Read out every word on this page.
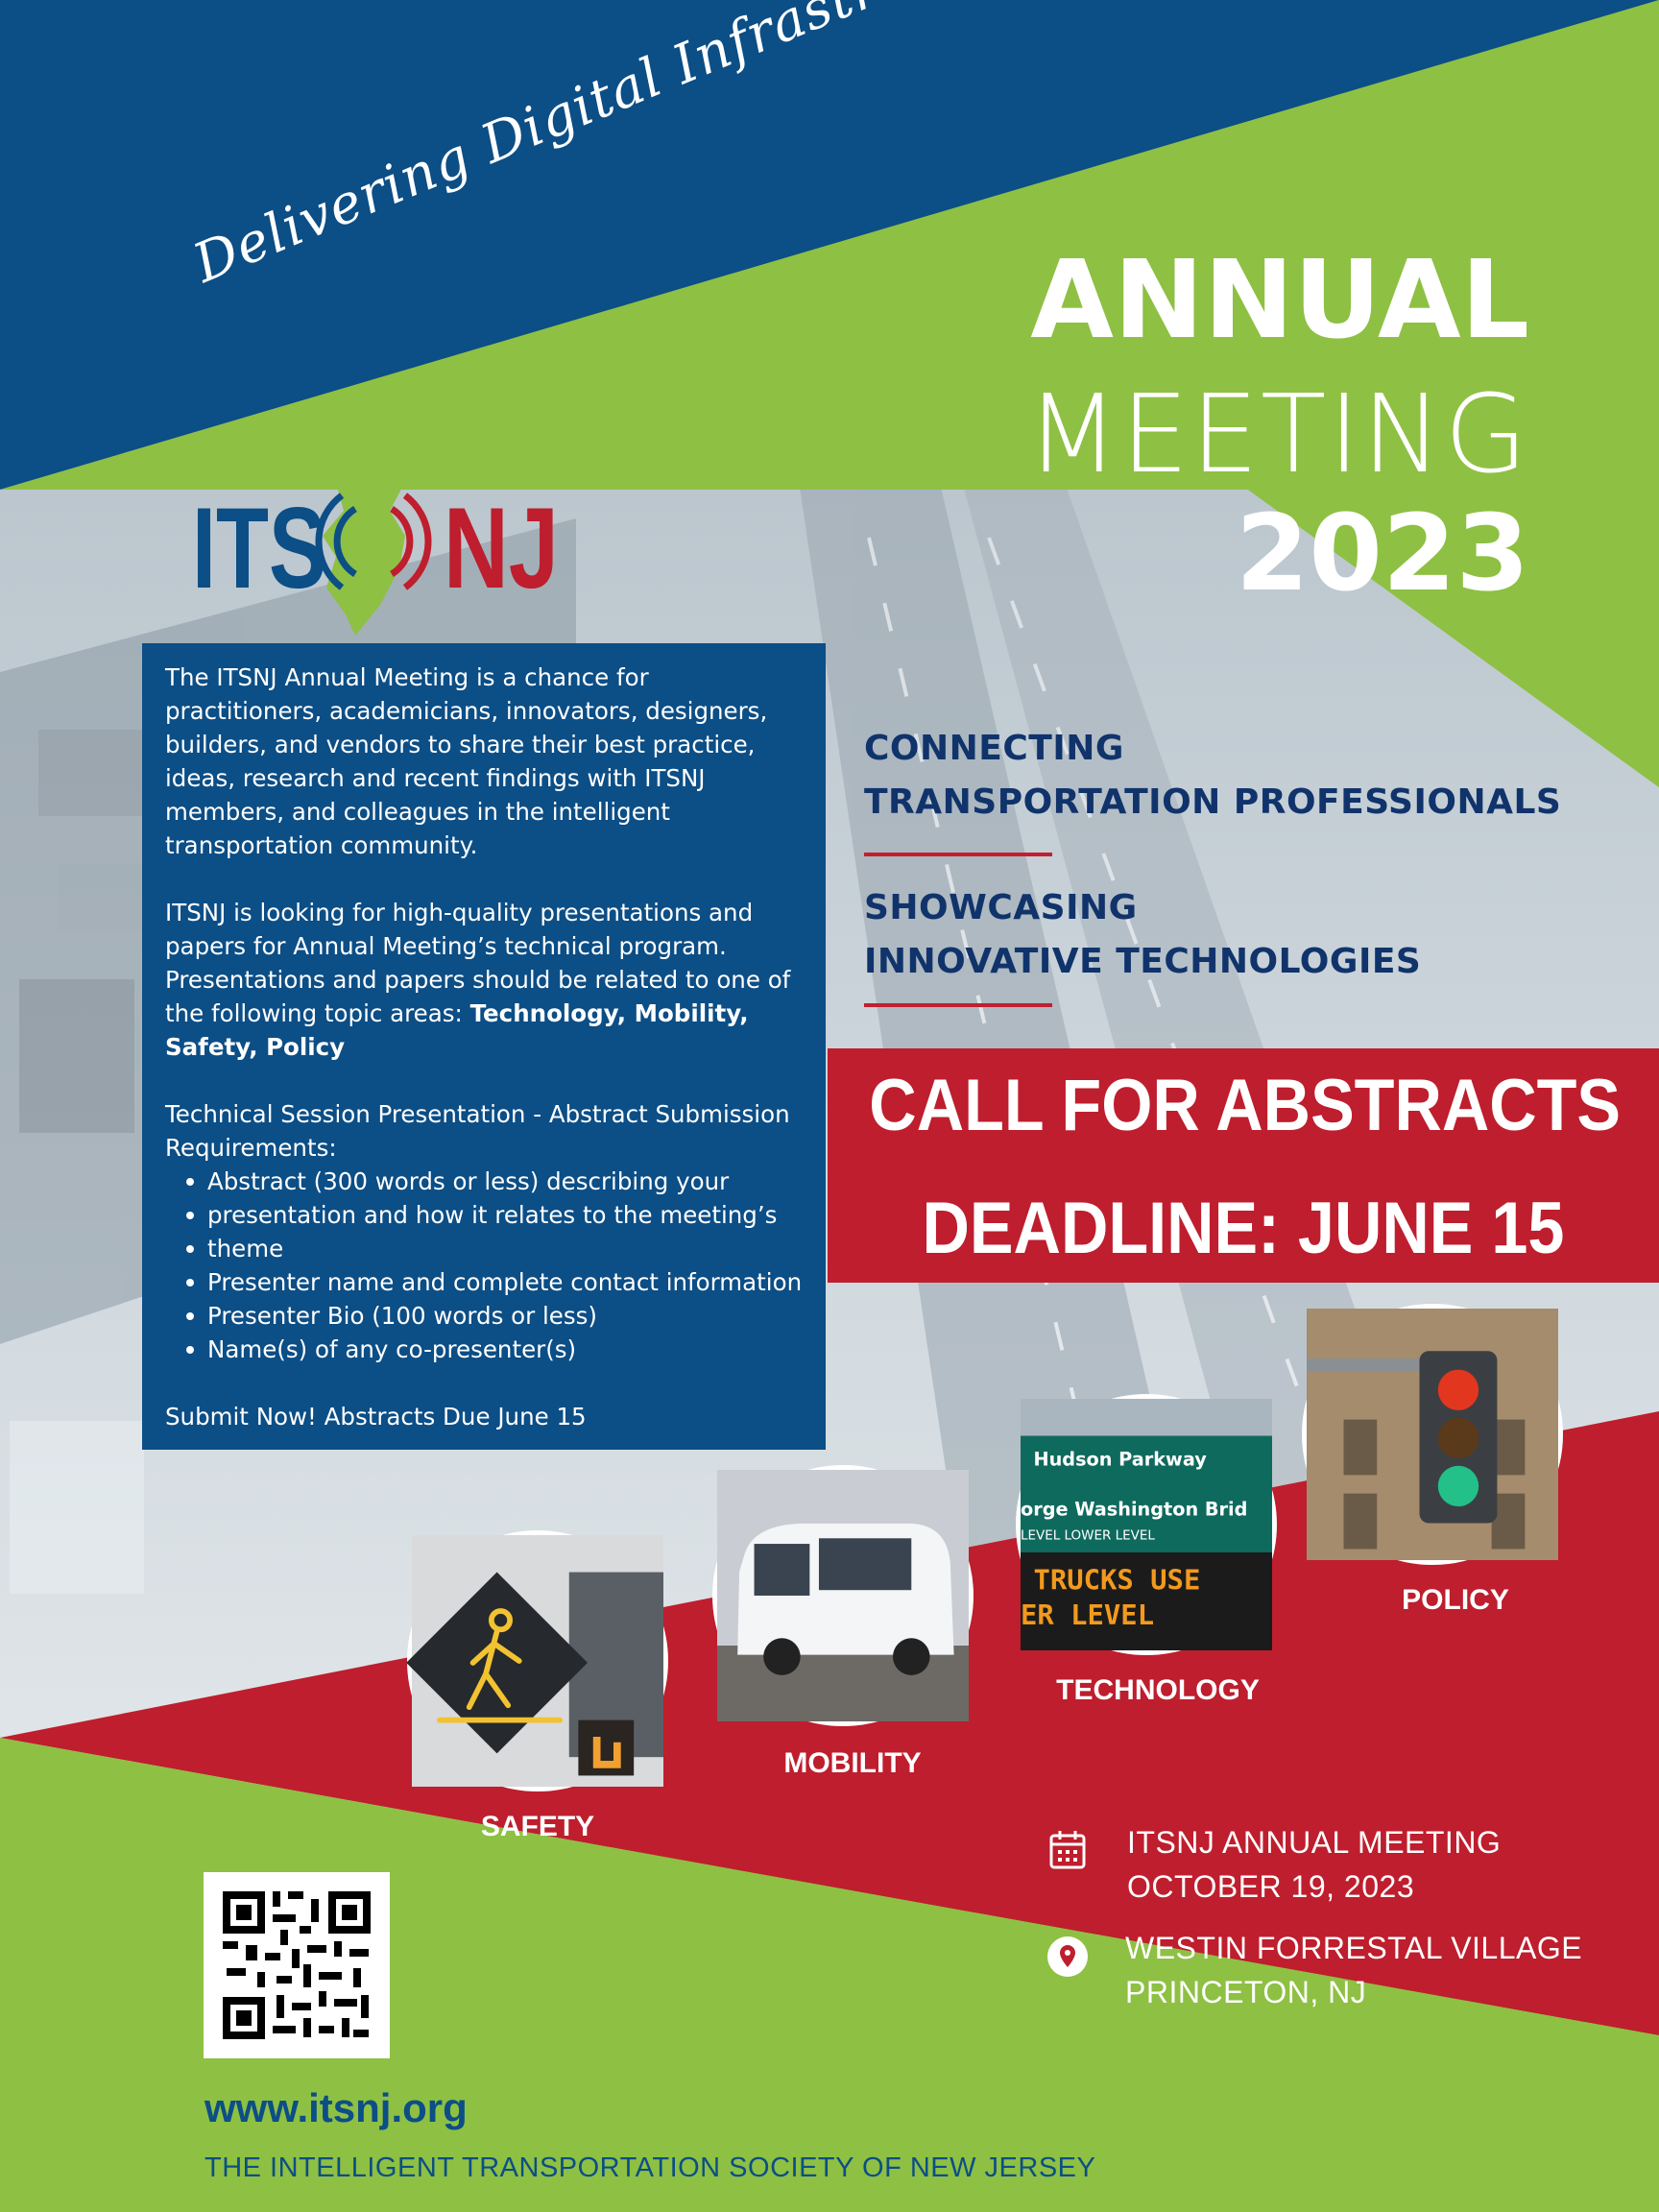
ANNUAL
MEETING
2023
ITS NJ

The ITSNJ Annual Meeting is a chance for practitioners, academicians, innovators, designers, builders, and vendors to share their best practice, ideas, research and recent findings with ITSNJ members, and colleagues in the intelligent transportation community.

ITSNJ is looking for high-quality presentations and papers for Annual Meeting’s technical program. Presentations and papers should be related to one of the following topic areas: Technology, Mobility, Safety, Policy

Technical Session Presentation - Abstract Submission Requirements:
Abstract (300 words or less) describing your
presentation and how it relates to the meeting’s
theme
Presenter name and complete contact information
Presenter Bio (100 words or less)
Name(s) of any co-presenter(s)

Submit Now! Abstracts Due June 15

CONNECTING
TRANSPORTATION PROFESSIONALS
SHOWCASING
INNOVATIVE TECHNOLOGIES
CALL FOR ABSTRACTS
DEADLINE: JUNE 15
SAFETY
MOBILITY
Hudson Parkway
orge Washington Brid
LEVEL LOWER LEVEL
TRUCKS USE
ER LEVEL
TECHNOLOGY
POLICY
ITSNJ ANNUAL MEETING
OCTOBER 19, 2023
WESTIN FORRESTAL VILLAGE
PRINCETON, NJ
www.itsnj.org
THE INTELLIGENT TRANSPORTATION SOCIETY OF NEW JERSEY
